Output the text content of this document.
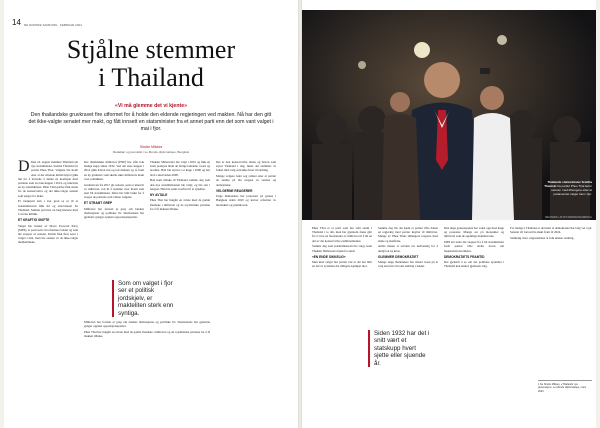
14 DE NORSKE SAMFUNN · FEBRUAR 2024
Stjålne stemmer
i Thailand
«Vi må glemme det vi kjente»
Den thailandske gruvkravet fire utformet for å holde den eldende regjeringen ved makten. Nå har den gitt det ikke-valgte senatet mer makt, og fått innsett en statsminister fra et annet parti enn det som vant valget i mai i fjor.
Sindre Mikkes
Redaktør og journalist i Le Monde diplomatique, Bangkok

D Den 22. august stemmer Thailand sin nye statsminister, Srettha Thavisin fra partiet Pheu Thai. Valgene ble holdt etter at det sittende militærstyret gikk inn for å fortsette å danne en koalisjon med partiene som sto bak kuppet i 2014, og utnevnte en ny statsminister. Pheu Thai-partiet fikk støtte fra de konservative og det ikke-valgte senatet som sørger for makt.

Et tredjepart kan i stor grad se ut til at statsministeren fikk tid og statsviteren fra Thailand. Samme parti har en lang historie med å avvise kritikk.

ET KRAFTIG SKIFTE

Valget ble vunnet av Move Forward Party (MFP), et parti som vil reformere landet og som ble stoppet av senatet. Partiet fikk flest seter i valget i mai, men ble stanset av de ikke-valgte medlemmene.

Det thailandske militæret (PNP) har stått bak mange kupp siden 1932. Ved det siste kuppet i 2014 gikk hæren inn og tok makten og la fram en ny grunnlov som skulle sikre militærets makt over politikken.

Grunnloven fra 2017 gir senatet, som er utnevnt av militæret, rett til å stemme over hvem som skal bli statsminister. Dette har blitt brukt for å stoppe de partiene som vinner valgene.

ET STRAMT GREP

Militæret har fortsatt et grep om landets institusjoner og politiske liv. Domstolene har gjentatte ganger oppløst opposisjonspartier.

Thaksin Shinawatra ble valgt i 2001 og fikk en sterk posisjon blant de fattige bøndene i nord og nordøst. Han ble styrtet i et kupp i 2006 og har levd i eksil siden 2008.

Han kom tilbake til Thailand samme dag som den nye statsministeren ble valgt, og ble satt i fengsel. Han ble raskt overført til et sykehus.

NY AVTALE

Pheu Thai har inngått en avtale med de gamle fiendene i militæret og de royalistiske partiene for å få makten tilbake.

Det er den konservative eliten og hæren som styrer Thailand i dag, mens det stemmes av folket med valg som ikke fører til endring.

Mange velgere føler seg sviktet etter at partiet de stemte på ble stoppet av senatet og domstolene.

VELGERNE REAGERER

Unge thailendere har protestert på gatene i Bangkok siden 2020 og krever reformer av monarkiet og grunnloven.

Som om valget i fjor ser et politisk jordskjelv, er makteliten sterk enn syntiga.

Militæret har fortsatt et grep om landets institusjoner og politiske liv. Domstolene har gjentatte ganger oppløst opposisjonspartier.

Pheu Thai har inngått en avtale med de gamle fiendene i militæret og de royalistiske partiene for å få makten tilbake.

Thailands statsminister Srettha Thavisin fra partiet Pheu Thai feirer seieren med tilhengere etter at parlamentet valgte ham i fjor.
REUTERS / ATHIT PERAWONGMETHA

Pheu Thai er et parti som har stått sterkt i Thailand i to tiår, men har gjennom årene gått fra å være en motstander av militæret til å bli en del av det konservative etablissementet.

Samme dag som statsministeren ble valgt, kom Thaksin Shinawatra hjem fra eksil.

«EN ENDE SIKKELIG»

Men med valget har partiet vist at det har blitt en del av systemet det tidligere kjempet mot.

Samme dag ble det kjent at partiet ville danne en regjering med partier knyttet til militæret. Mange av Pheu Thais tilhengere reagerte med sinne og skuffelse.

Andre mener at avtalen var nødvendig for å unngå en ny krise.

GLEMMER DEMOKRATIET

Mange unge thailendere har mistet troen på at valg kan føre til reell endring i landet.

Siden 1932 har det i snitt vært et statskupp hvert sjette eller sjuende år.

Den unge generasjonen har vokst opp med kupp og protester. Mange ser på monarkiet og militæret som de egentlige makthaverne.

MFP sin leder ble stoppet fra å bli statsminister fordi partiet ville endre loven om majestetsfornærmelse.

DEMOKRATIETS FRAMTID

Det gjenstår å se om det politiske systemet i Thailand kan endres gjennom valg.

For mange i Thailand er det klart at demokratiet har lang vei å gå. Senatet vil fortsatt ha makt fram til 2024.

Samtidig viser valgresultatet at folk ønsker endring.

1 Se Sindre Mikkes, «Thailands nye generasjon», Le Monde diplomatique, mars 2023.
